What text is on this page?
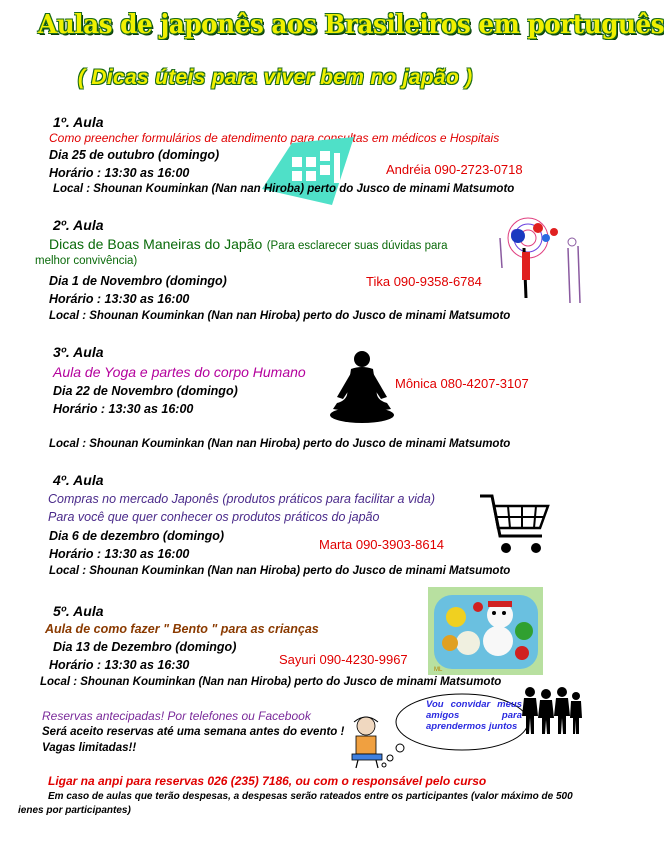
Aulas de japonês aos Brasileiros em português
( Dicas úteis para viver bem no japão )
1º. Aula
Como preencher formulários de atendimento para consultas em médicos e Hospitais
Dia 25 de outubro (domingo)
Andréia 090-2723-0718
Horário : 13:30 as 16:00
Local : Shounan Kouminkan (Nan nan Hiroba) perto do Jusco de minami Matsumoto
2º. Aula
Dicas de Boas Maneiras do Japão (Para esclarecer suas dúvidas para
melhor convivência)
Dia 1 de Novembro (domingo)	Tika 090-9358-6784
Horário : 13:30 as 16:00
Local : Shounan Kouminkan (Nan nan Hiroba) perto do Jusco de minami Matsumoto
3º. Aula
Aula de Yoga e partes do corpo Humano
Mônica 080-4207-3107
Dia 22 de Novembro (domingo)
Horário : 13:30 as 16:00
Local : Shounan Kouminkan (Nan nan Hiroba) perto do Jusco de minami Matsumoto
4º. Aula
Compras no mercado Japonês (produtos práticos para facilitar a vida)
Para você que quer conhecer os produtos práticos do japão
Dia 6 de dezembro (domingo)
Marta 090-3903-8614
Horário : 13:30 as 16:00
Local : Shounan Kouminkan (Nan nan Hiroba) perto do Jusco de minami Matsumoto
5º. Aula
ML
Aula de como fazer " Bento " para as crianças
Dia 13 de Dezembro (domingo)
Sayuri 090-4230-9967
Horário : 13:30 as 16:30
Local : Shounan Kouminkan (Nan nan Hiroba) perto do Jusco de minami Matsumoto
Reservas antecipadas! Por telefones ou Facebook
Será aceito reservas até uma semana antes do evento !
Vagas limitadas!!
Vou convidar meus amigos para aprendermos juntos
Ligar na anpi para reservas 026 (235) 7186, ou com o responsável pelo curso
Em caso de aulas que terão despesas, a despesas serão rateados entre os participantes (valor máximo de 500
ienes por participantes)
